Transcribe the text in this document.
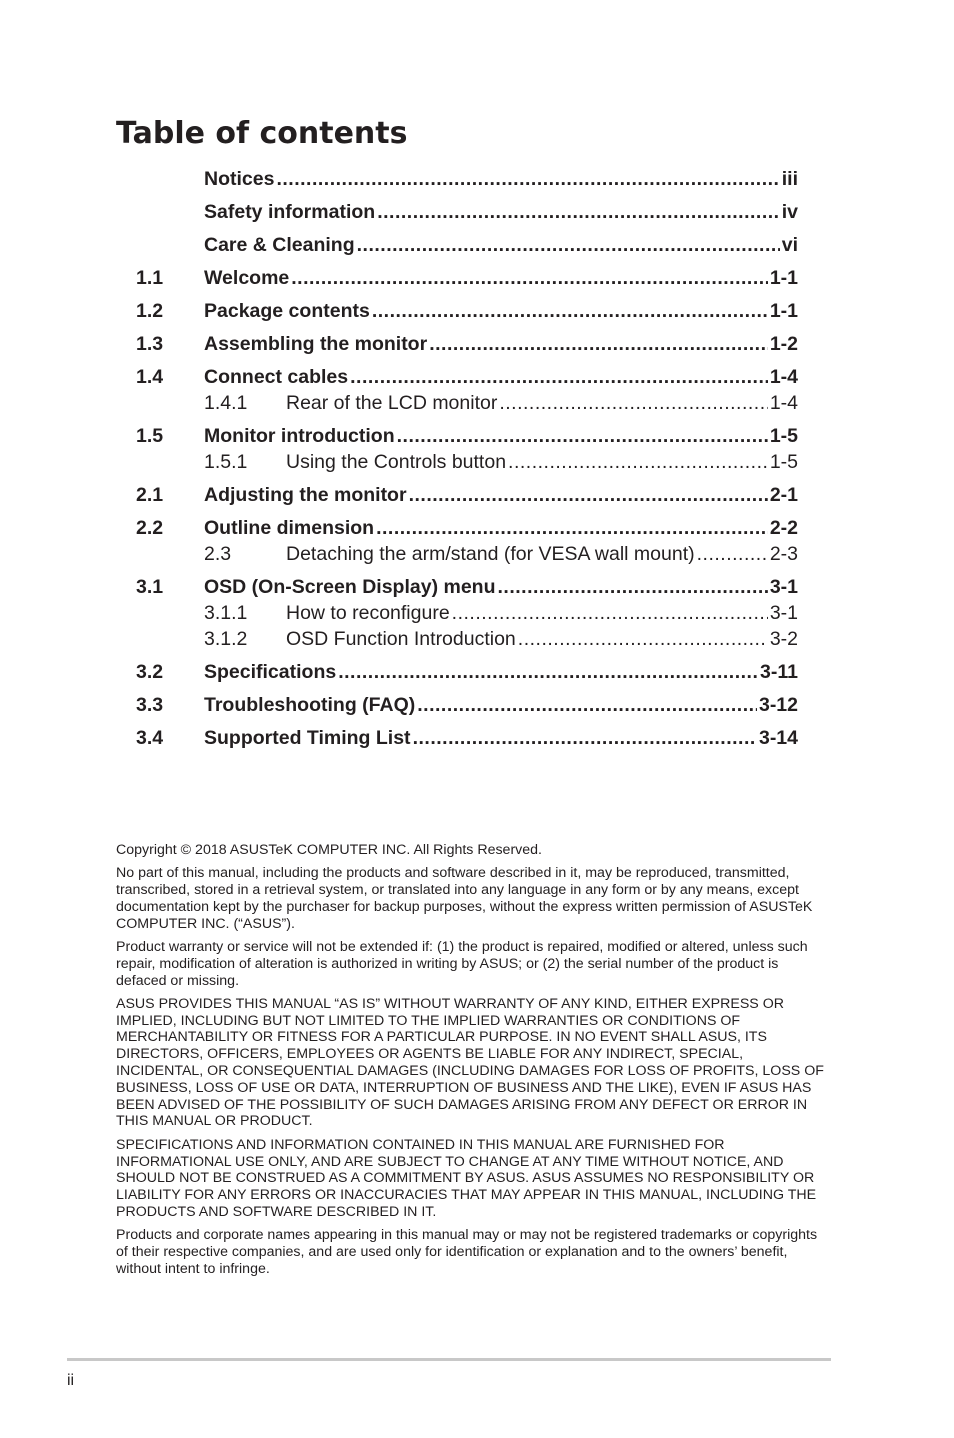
Table of contents
Notices .....	iii
Safety information .....	iv
Care & Cleaning .....	vi
1.1	Welcome .....	1-1
1.2	Package contents .....	1-1
1.3	Assembling the monitor .....	1-2
1.4	Connect cables .....	1-4
1.4.1	Rear of the LCD monitor .....	1-4
1.5	Monitor introduction .....	1-5
1.5.1	Using the Controls button .....	1-5
2.1	Adjusting the monitor .....	2-1
2.2	Outline dimension .....	2-2
2.3	Detaching the arm/stand (for VESA wall mount) .....	2-3
3.1	OSD (On-Screen Display) menu .....	3-1
3.1.1	How to reconfigure .....	3-1
3.1.2	OSD Function Introduction .....	3-2
3.2	Specifications .....	3-11
3.3	Troubleshooting (FAQ) .....	3-12
3.4	Supported Timing List .....	3-14

Copyright © 2018 ASUSTeK COMPUTER INC. All Rights Reserved.

No part of this manual, including the products and software described in it, may be reproduced, transmitted, transcribed, stored in a retrieval system, or translated into any language in any form or by any means, except documentation kept by the purchaser for backup purposes, without the express written permission of ASUSTeK COMPUTER INC. (“ASUS”).

Product warranty or service will not be extended if: (1) the product is repaired, modified or altered, unless such repair, modification of alteration is authorized in writing by ASUS; or (2) the serial number of the product is defaced or missing.

ASUS PROVIDES THIS MANUAL “AS IS” WITHOUT WARRANTY OF ANY KIND, EITHER EXPRESS OR IMPLIED, INCLUDING BUT NOT LIMITED TO THE IMPLIED WARRANTIES OR CONDITIONS OF MERCHANTABILITY OR FITNESS FOR A PARTICULAR PURPOSE. IN NO EVENT SHALL ASUS, ITS DIRECTORS, OFFICERS, EMPLOYEES OR AGENTS BE LIABLE FOR ANY INDIRECT, SPECIAL, INCIDENTAL, OR CONSEQUENTIAL DAMAGES (INCLUDING DAMAGES FOR LOSS OF PROFITS, LOSS OF BUSINESS, LOSS OF USE OR DATA, INTERRUPTION OF BUSINESS AND THE LIKE), EVEN IF ASUS HAS BEEN ADVISED OF THE POSSIBILITY OF SUCH DAMAGES ARISING FROM ANY DEFECT OR ERROR IN THIS MANUAL OR PRODUCT.

SPECIFICATIONS AND INFORMATION CONTAINED IN THIS MANUAL ARE FURNISHED FOR INFORMATIONAL USE ONLY, AND ARE SUBJECT TO CHANGE AT ANY TIME WITHOUT NOTICE, AND SHOULD NOT BE CONSTRUED AS A COMMITMENT BY ASUS. ASUS ASSUMES NO RESPONSIBILITY OR LIABILITY FOR ANY ERRORS OR INACCURACIES THAT MAY APPEAR IN THIS MANUAL, INCLUDING THE PRODUCTS AND SOFTWARE DESCRIBED IN IT.

Products and corporate names appearing in this manual may or may not be registered trademarks or copyrights of their respective companies, and are used only for identification or explanation and to the owners’ benefit, without intent to infringe.

ii
